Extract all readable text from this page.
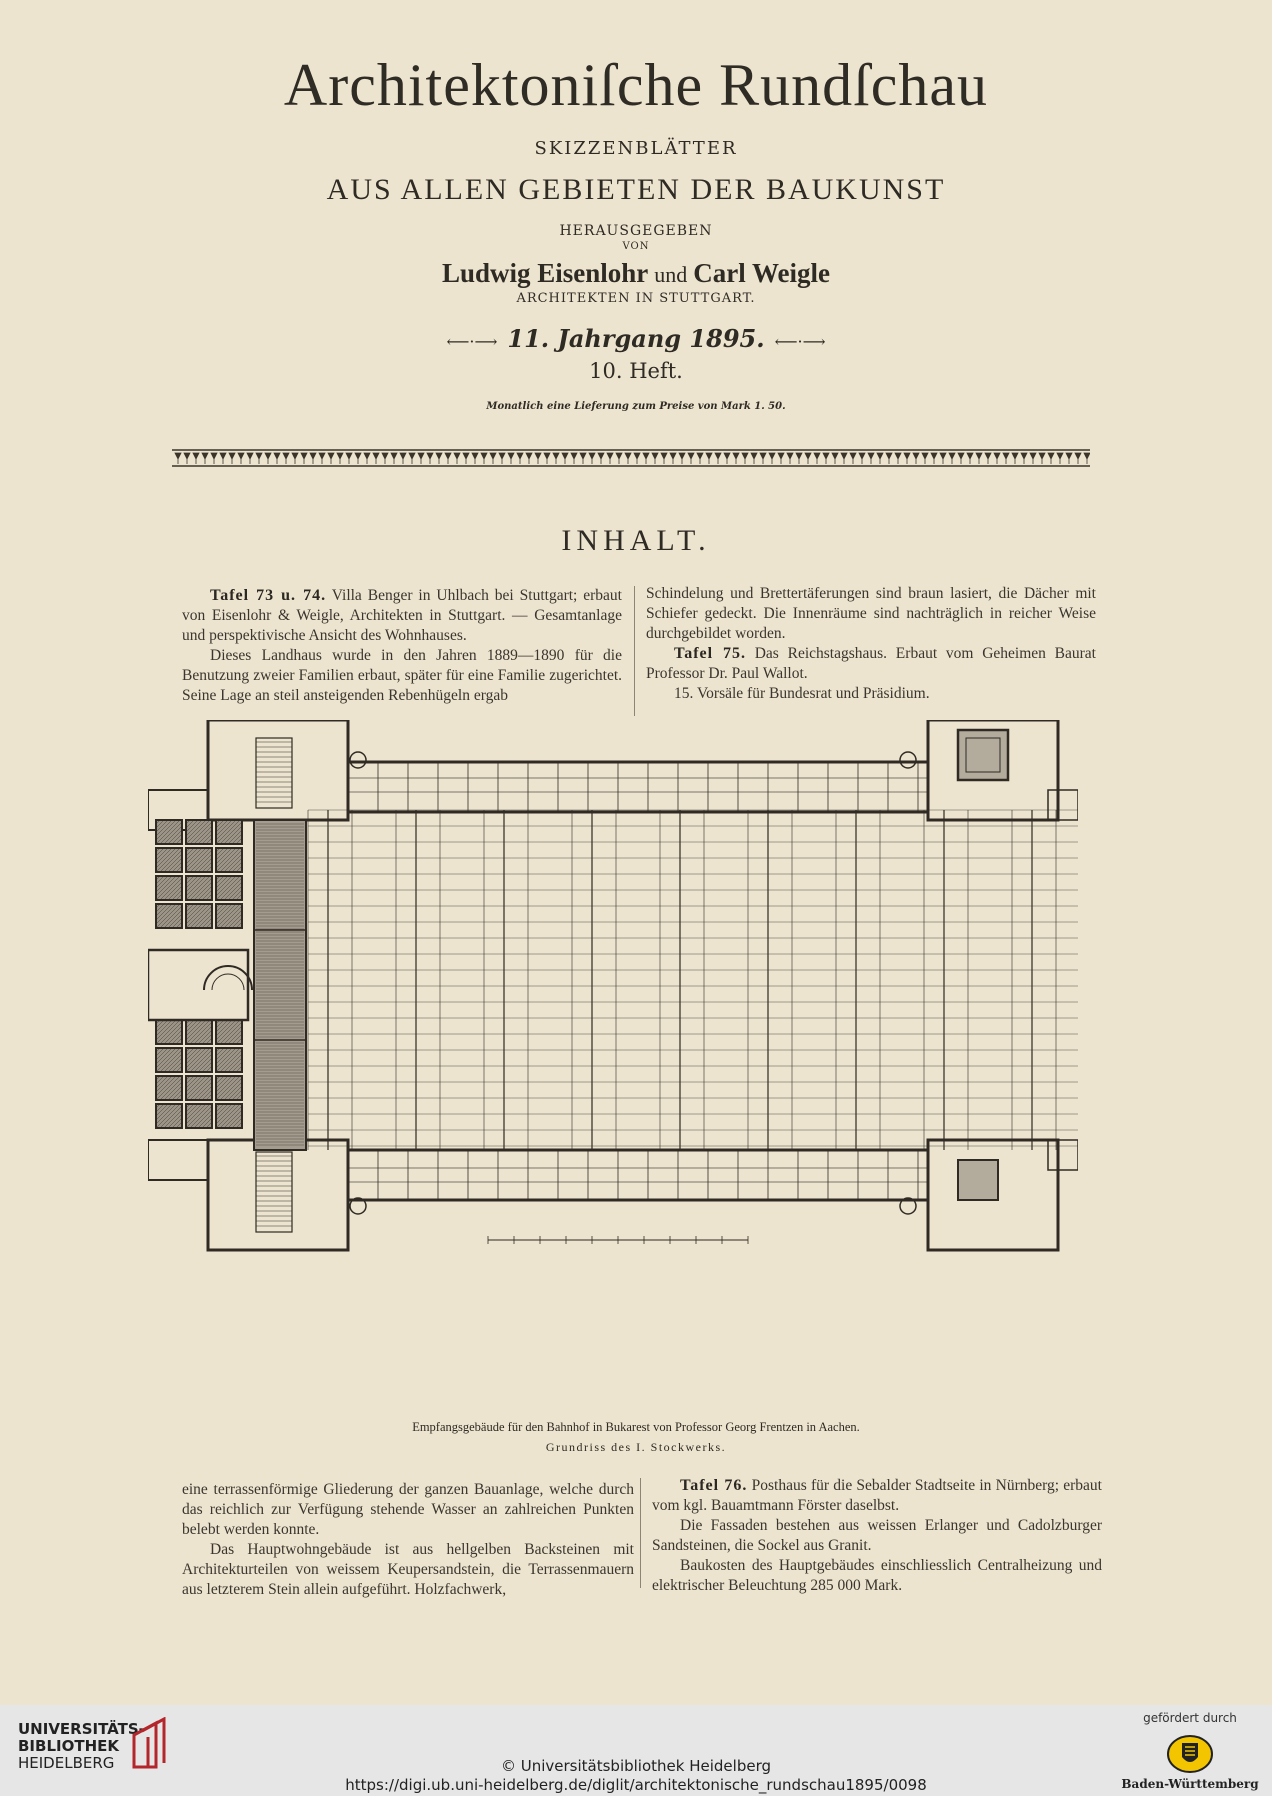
Architektoniſche Rundſchau
SKIZZENBLÄTTER
AUS ALLEN GEBIETEN DER BAUKUNST
HERAUSGEGEBEN
VON
Ludwig Eisenlohr und Carl Weigle
ARCHITEKTEN IN STUTTGART.
⟵·⟶ 11. Jahrgang 1895. ⟵·⟶
10. Heft.
Monatlich eine Lieferung zum Preise von Mark 1. 50.
INHALT.

Tafel 73 u. 74. Villa Benger in Uhlbach bei Stuttgart; erbaut von Eisenlohr & Weigle, Architekten in Stuttgart. — Gesamtanlage und perspektivische Ansicht des Wohnhauses.

Dieses Landhaus wurde in den Jahren 1889—1890 für die Benutzung zweier Familien erbaut, später für eine Familie zugerichtet. Seine Lage an steil ansteigenden Rebenhügeln ergab

Schindelung und Brettertäferungen sind braun lasiert, die Dächer mit Schiefer gedeckt. Die Innenräume sind nachträglich in reicher Weise durchgebildet worden.

Tafel 75. Das Reichstagshaus. Erbaut vom Geheimen Baurat Professor Dr. Paul Wallot.

15. Vorsäle für Bundesrat und Präsidium.

Empfangsgebäude für den Bahnhof in Bukarest von Professor Georg Frentzen in Aachen.
Grundriss des I. Stockwerks.

eine terrassenförmige Gliederung der ganzen Bauanlage, welche durch das reichlich zur Verfügung stehende Wasser an zahlreichen Punkten belebt werden konnte.

Das Hauptwohngebäude ist aus hellgelben Backsteinen mit Architekturteilen von weissem Keupersandstein, die Terrassenmauern aus letzterem Stein allein aufgeführt. Holzfachwerk,

Tafel 76. Posthaus für die Sebalder Stadtseite in Nürnberg; erbaut vom kgl. Bauamtmann Förster daselbst.

Die Fassaden bestehen aus weissen Erlanger und Cadolzburger Sandsteinen, die Sockel aus Granit.

Baukosten des Hauptgebäudes einschliesslich Centralheizung und elektrischer Beleuchtung 285 000 Mark.

UNIVERSITÄTS-
BIBLIOTHEK
HEIDELBERG	© Universitätsbibliothek Heidelberg
https://digi.ub.uni-heidelberg.de/diglit/architektonische_rundschau1895/0098
gefördert durch
Baden-Württemberg
